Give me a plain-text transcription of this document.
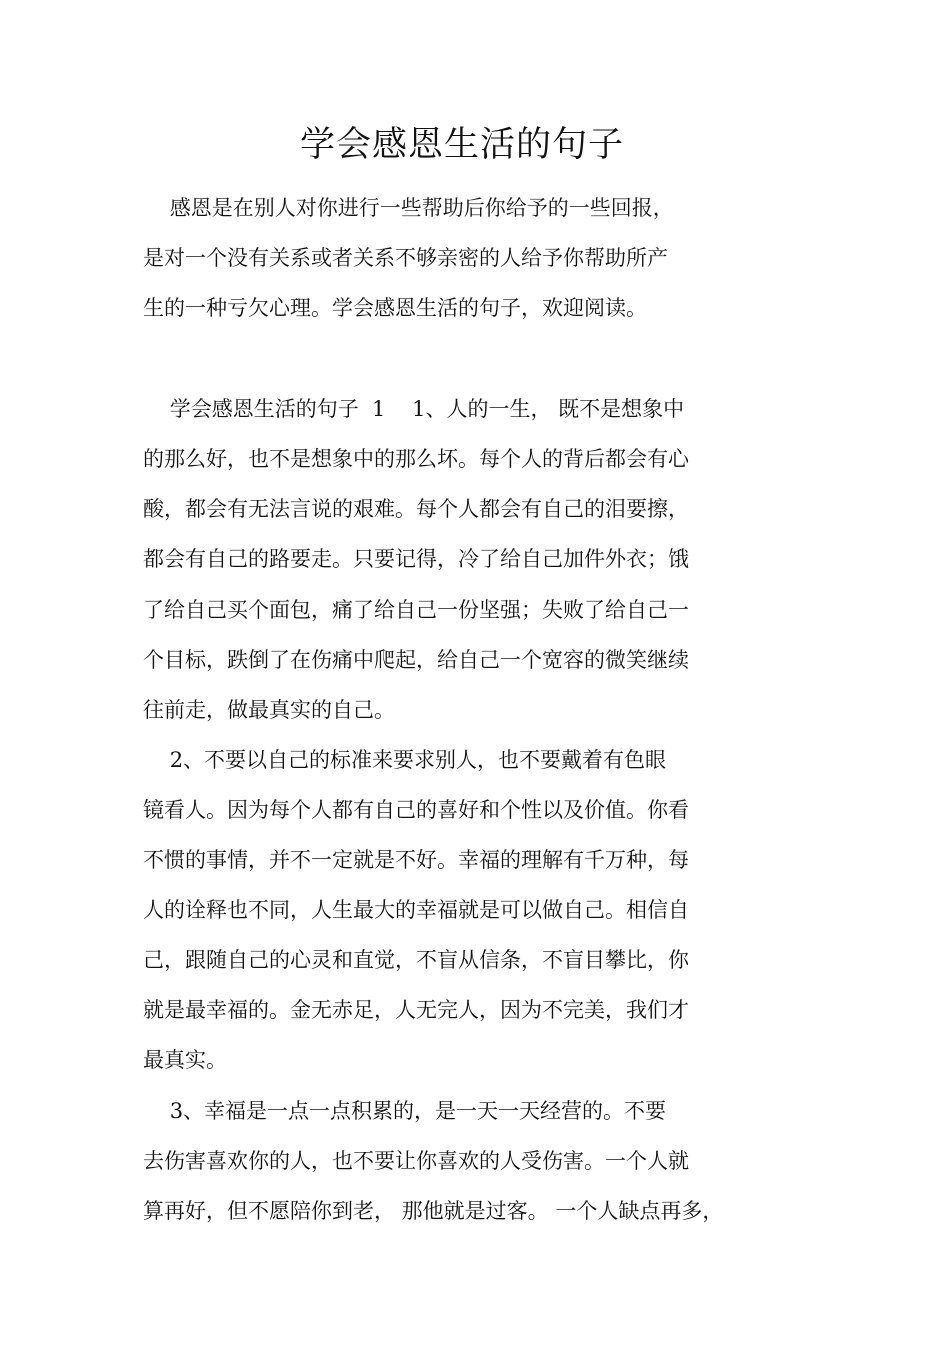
学会感恩生活的句子

感恩是在别人对你进行一些帮助后你给予的一些回报，

是对一个没有关系或者关系不够亲密的人给予你帮助所产

生的一种亏欠心理。学会感恩生活的句子，欢迎阅读。

学会感恩生活的句子  1    1、人的一生， 既不是想象中

的那么好，也不是想象中的那么坏。每个人的背后都会有心

酸，都会有无法言说的艰难。每个人都会有自己的泪要擦，

都会有自己的路要走。只要记得，冷了给自己加件外衣；饿

了给自己买个面包，痛了给自己一份坚强；失败了给自己一

个目标，跌倒了在伤痛中爬起，给自己一个宽容的微笑继续

往前走，做最真实的自己。

2、不要以自己的标准来要求别人，也不要戴着有色眼

镜看人。因为每个人都有自己的喜好和个性以及价值。你看

不惯的事情，并不一定就是不好。幸福的理解有千万种，每

人的诠释也不同，人生最大的幸福就是可以做自己。相信自

己，跟随自己的心灵和直觉，不盲从信条，不盲目攀比，你

就是最幸福的。金无赤足，人无完人，因为不完美，我们才

最真实。

3、幸福是一点一点积累的，是一天一天经营的。不要

去伤害喜欢你的人，也不要让你喜欢的人受伤害。一个人就

算再好，但不愿陪你到老， 那他就是过客。 一个人缺点再多，
